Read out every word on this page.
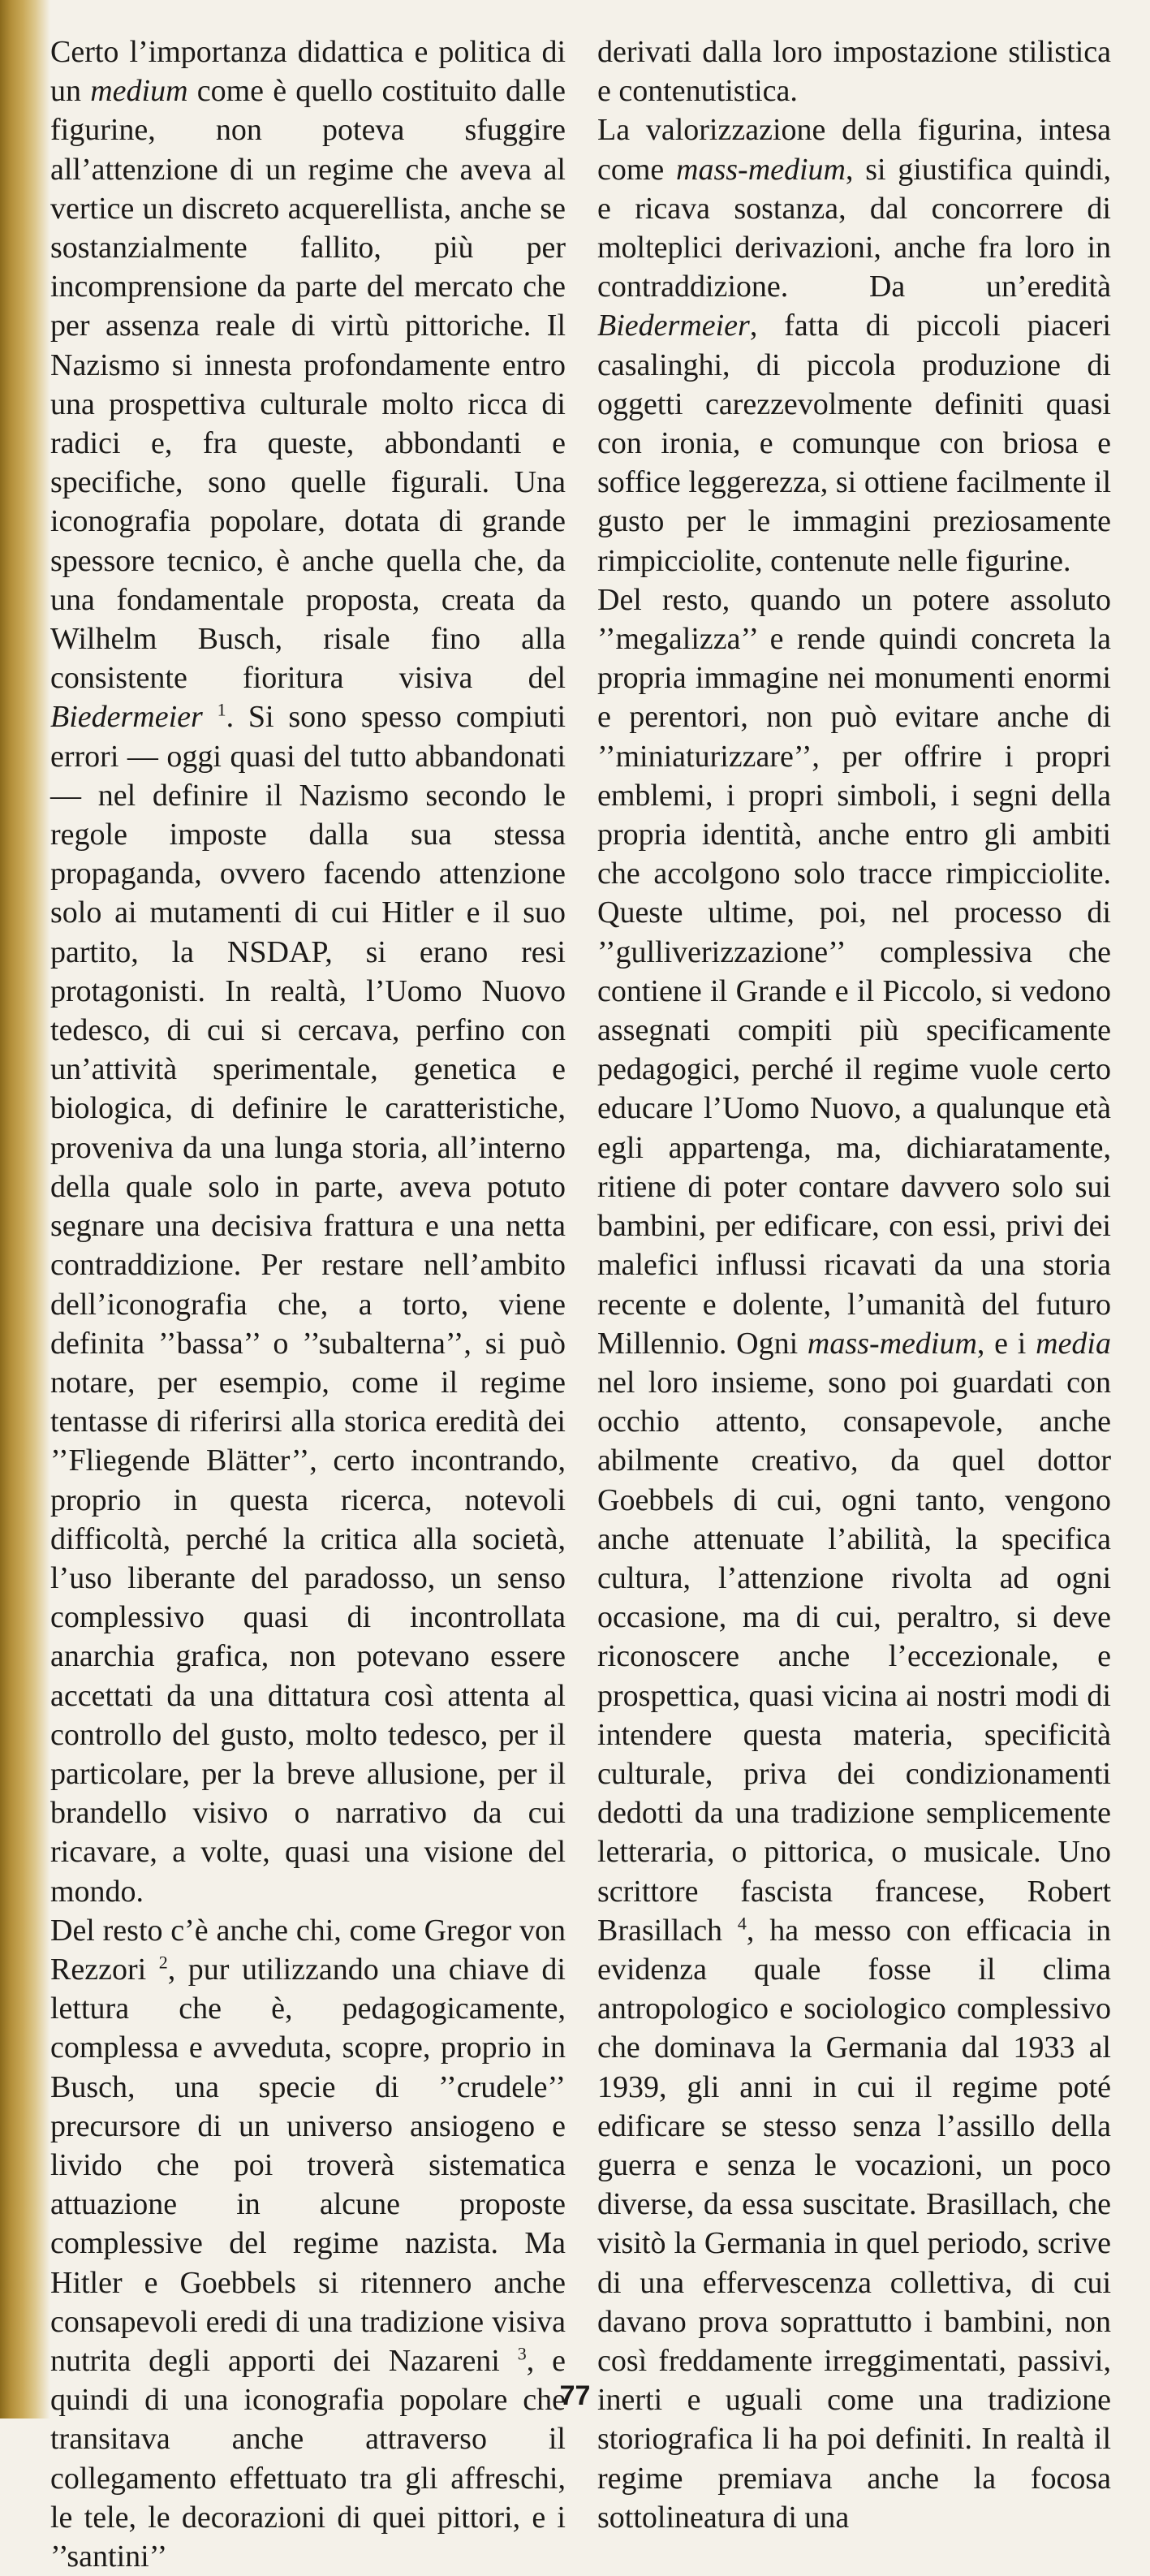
Certo l’importanza didattica e politica di un medium come è quello costituito dalle figurine, non poteva sfuggire all’attenzione di un regime che aveva al vertice un discreto acquerellista, anche se sostanzialmente fallito, più per incomprensione da parte del mercato che per assenza reale di virtù pittoriche. Il Nazismo si innesta profondamente entro una prospettiva culturale molto ricca di radici e, fra queste, abbondanti e specifiche, sono quelle figurali. Una iconografia popolare, dotata di grande spessore tecnico, è anche quella che, da una fondamentale proposta, creata da Wilhelm Busch, risale fino alla consistente fioritura visiva del Biedermeier $^1$. Si sono spesso compiuti errori — oggi quasi del tutto abbandonati — nel definire il Nazismo secondo le regole imposte dalla sua stessa propaganda, ovvero facendo attenzione solo ai mutamenti di cui Hitler e il suo partito, la NSDAP, si erano resi protagonisti. In realtà, l’Uomo Nuovo tedesco, di cui si cercava, perfino con un’attività sperimentale, genetica e biologica, di definire le caratteristiche, proveniva da una lunga storia, all’interno della quale solo in parte, aveva potuto segnare una decisiva frattura e una netta contraddizione. Per restare nell’ambito dell’iconografia che, a torto, viene definita ’’bassa’’ o ’’subalterna’’, si può notare, per esempio, come il regime tentasse di riferirsi alla storica eredità dei ’’Fliegende Blätter’’, certo incontrando, proprio in questa ricerca, notevoli difficoltà, perché la critica alla società, l’uso liberante del paradosso, un senso complessivo quasi di incontrollata anarchia grafica, non potevano essere accettati da una dittatura così attenta al controllo del gusto, molto tedesco, per il particolare, per la breve allusione, per il brandello visivo o narrativo da cui ricavare, a volte, quasi una visione del mondo.

Del resto c’è anche chi, come Gregor von Rezzori $^2$, pur utilizzando una chiave di lettura che è, pedagogicamente, complessa e avveduta, scopre, proprio in Busch, una specie di ’’crudele’’ precursore di un universo ansiogeno e livido che poi troverà sistematica attuazione in alcune proposte complessive del regime nazista. Ma Hitler e Goebbels si ritennero anche consapevoli eredi di una tradizione visiva nutrita degli apporti dei Nazareni $^3$, e quindi di una iconografia popolare che transitava anche attraverso il collegamento effettuato tra gli affreschi, le tele, le decorazioni di quei pittori, e i ’’santini’’

derivati dalla loro impostazione stilistica e contenutistica.

La valorizzazione della figurina, intesa come mass-medium, si giustifica quindi, e ricava sostanza, dal concorrere di molteplici derivazioni, anche fra loro in contraddizione. Da un’eredità Biedermeier, fatta di piccoli piaceri casalinghi, di piccola produzione di oggetti carezzevolmente definiti quasi con ironia, e comunque con briosa e soffice leggerezza, si ottiene facilmente il gusto per le immagini preziosamente rimpicciolite, contenute nelle figurine.

Del resto, quando un potere assoluto ’’megalizza’’ e rende quindi concreta la propria immagine nei monumenti enormi e perentori, non può evitare anche di ’’miniaturizzare’’, per offrire i propri emblemi, i propri simboli, i segni della propria identità, anche entro gli ambiti che accolgono solo tracce rimpicciolite. Queste ultime, poi, nel processo di ’’gulliverizzazione’’ complessiva che contiene il Grande e il Piccolo, si vedono assegnati compiti più specificamente pedagogici, perché il regime vuole certo educare l’Uomo Nuovo, a qualunque età egli appartenga, ma, dichiaratamente, ritiene di poter contare davvero solo sui bambini, per edificare, con essi, privi dei malefici influssi ricavati da una storia recente e dolente, l’umanità del futuro Millennio. Ogni mass-medium, e i media nel loro insieme, sono poi guardati con occhio attento, consapevole, anche abilmente creativo, da quel dottor Goebbels di cui, ogni tanto, vengono anche attenuate l’abilità, la specifica cultura, l’attenzione rivolta ad ogni occasione, ma di cui, peraltro, si deve riconoscere anche l’eccezionale, e prospettica, quasi vicina ai nostri modi di intendere questa materia, specificità culturale, priva dei condizionamenti dedotti da una tradizione semplicemente letteraria, o pittorica, o musicale. Uno scrittore fascista francese, Robert Brasillach $^4$, ha messo con efficacia in evidenza quale fosse il clima antropologico e sociologico complessivo che dominava la Germania dal 1933 al 1939, gli anni in cui il regime poté edificare se stesso senza l’assillo della guerra e senza le vocazioni, un poco diverse, da essa suscitate. Brasillach, che visitò la Germania in quel periodo, scrive di una effervescenza collettiva, di cui davano prova soprattutto i bambini, non così freddamente irreggimentati, passivi, inerti e uguali come una tradizione storiografica li ha poi definiti. In realtà il regime premiava anche la focosa sottolineatura di una

77
